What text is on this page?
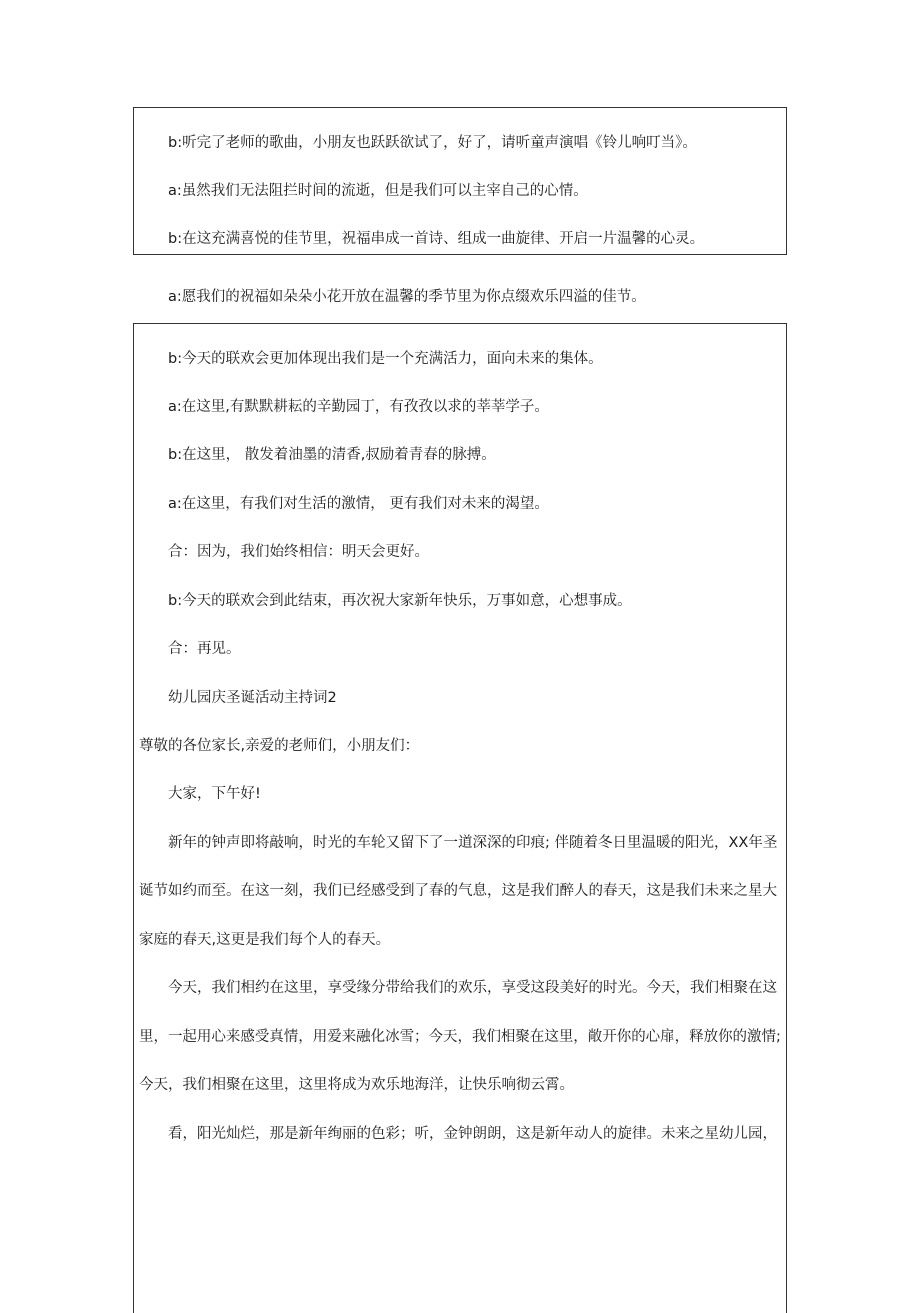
b:听完了老师的歌曲，小朋友也跃跃欲试了，好了，请听童声演唱《铃儿响叮当》。

a:虽然我们无法阻拦时间的流逝，但是我们可以主宰自己的心情。

b:在这充满喜悦的佳节里，祝福串成一首诗、组成一曲旋律、开启一片温馨的心灵。

a:愿我们的祝福如朵朵小花开放在温馨的季节里为你点缀欢乐四溢的佳节。

b:今天的联欢会更加体现出我们是一个充满活力，面向未来的集体。

a:在这里,有默默耕耘的辛勤园丁，有孜孜以求的莘莘学子。

b:在这里， 散发着油墨的清香,叔励着青春的脉搏。

a:在这里，有我们对生活的激情， 更有我们对未来的渴望。

合：因为，我们始终相信：明天会更好。

b:今天的联欢会到此结束，再次祝大家新年快乐，万事如意，心想事成。

合：再见。

幼儿园庆圣诞活动主持词2

尊敬的各位家长,亲爱的老师们，小朋友们：

大家，下午好!

新年的钟声即将敲响，时光的车轮又留下了一道深深的印痕; 伴随着冬日里温暖的阳光，XX年圣

诞节如约而至。在这一刻，我们已经感受到了春的气息，这是我们醉人的春天，这是我们未来之星大

家庭的春天,这更是我们每个人的春天。

今天，我们相约在这里，享受缘分带给我们的欢乐，享受这段美好的时光。今天，我们相聚在这

里，一起用心来感受真情，用爱来融化冰雪；今天，我们相聚在这里，敞开你的心扉，释放你的激情;

今天，我们相聚在这里，这里将成为欢乐地海洋，让快乐响彻云霄。

看，阳光灿烂，那是新年绚丽的色彩；听，金钟朗朗，这是新年动人的旋律。未来之星幼儿园，
